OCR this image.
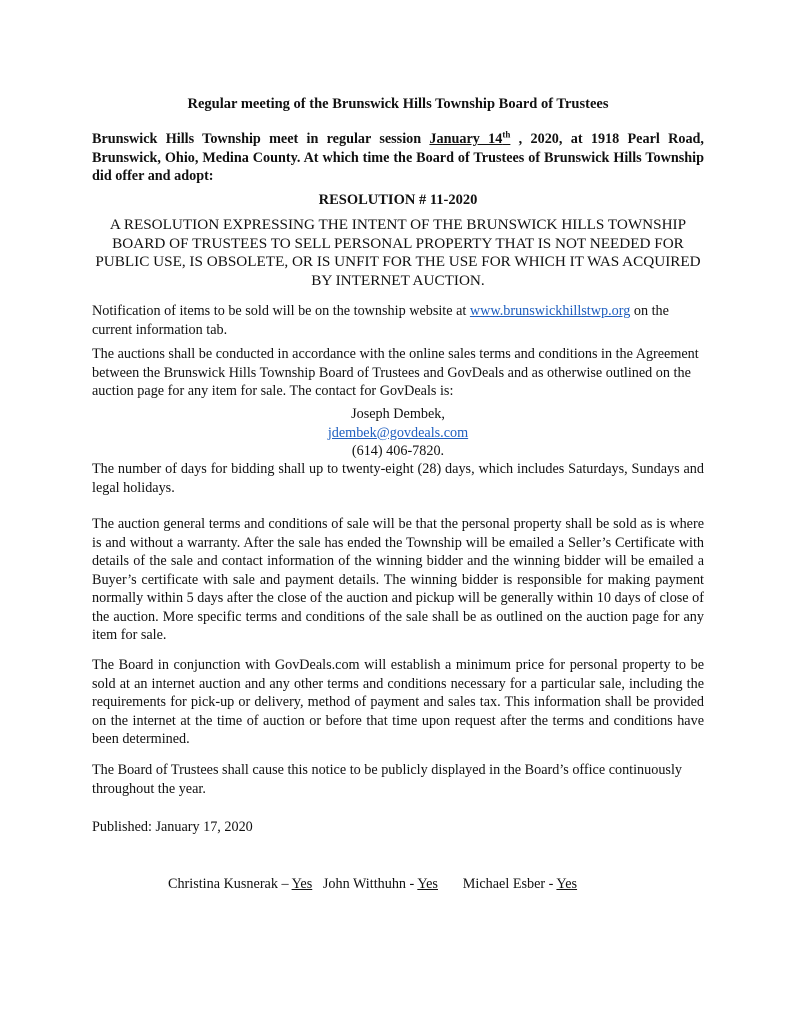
Regular meeting of the Brunswick Hills Township Board of Trustees
Brunswick Hills Township meet in regular session January 14th , 2020, at 1918 Pearl Road, Brunswick, Ohio, Medina County. At which time the Board of Trustees of Brunswick Hills Township did offer and adopt:
RESOLUTION # 11-2020
A RESOLUTION EXPRESSING THE INTENT OF THE BRUNSWICK HILLS TOWNSHIP BOARD OF TRUSTEES TO SELL PERSONAL PROPERTY THAT IS NOT NEEDED FOR PUBLIC USE, IS OBSOLETE, OR IS UNFIT FOR THE USE FOR WHICH IT WAS ACQUIRED BY INTERNET AUCTION.
Notification of items to be sold will be on the township website at www.brunswickhillstwp.org on the current information tab.
The auctions shall be conducted in accordance with the online sales terms and conditions in the Agreement between the Brunswick Hills Township Board of Trustees and GovDeals and as otherwise outlined on the auction page for any item for sale. The contact for GovDeals is:
Joseph Dembek,
jdembek@govdeals.com
(614) 406-7820.
The number of days for bidding shall up to twenty-eight (28) days, which includes Saturdays, Sundays and legal holidays.
The auction general terms and conditions of sale will be that the personal property shall be sold as is where is and without a warranty. After the sale has ended the Township will be emailed a Seller’s Certificate with details of the sale and contact information of the winning bidder and the winning bidder will be emailed a Buyer’s certificate with sale and payment details. The winning bidder is responsible for making payment normally within 5 days after the close of the auction and pickup will be generally within 10 days of close of the auction. More specific terms and conditions of the sale shall be as outlined on the auction page for any item for sale.
The Board in conjunction with GovDeals.com will establish a minimum price for personal property to be sold at an internet auction and any other terms and conditions necessary for a particular sale, including the requirements for pick-up or delivery, method of payment and sales tax. This information shall be provided on the internet at the time of auction or before that time upon request after the terms and conditions have been determined.
The Board of Trustees shall cause this notice to be publicly displayed in the Board’s office continuously throughout the year.
Published: January 17, 2020
Christina Kusnerak – Yes John Witthuhn - Yes Michael Esber - Yes
